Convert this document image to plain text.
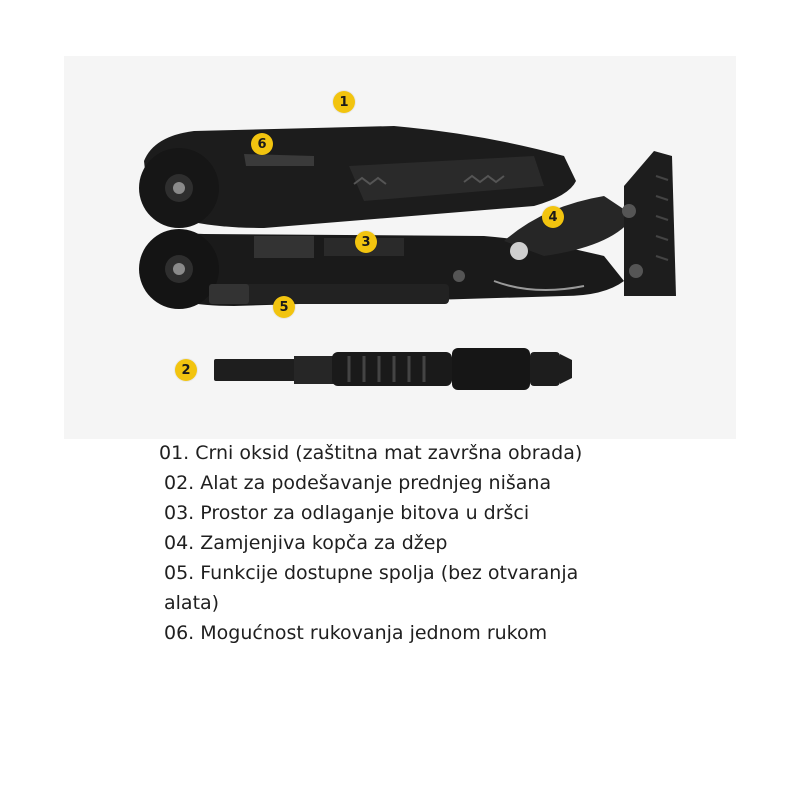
1
6
4
3
5
2
01. Crni oksid (zaštitna mat završna obrada)
02. Alat za podešavanje prednjeg nišana
03. Prostor za odlaganje bitova u dršci
04. Zamjenjiva kopča za džep
05. Funkcije dostupne spolja (bez otvaranja alata)
06. Mogućnost rukovanja jednom rukom
